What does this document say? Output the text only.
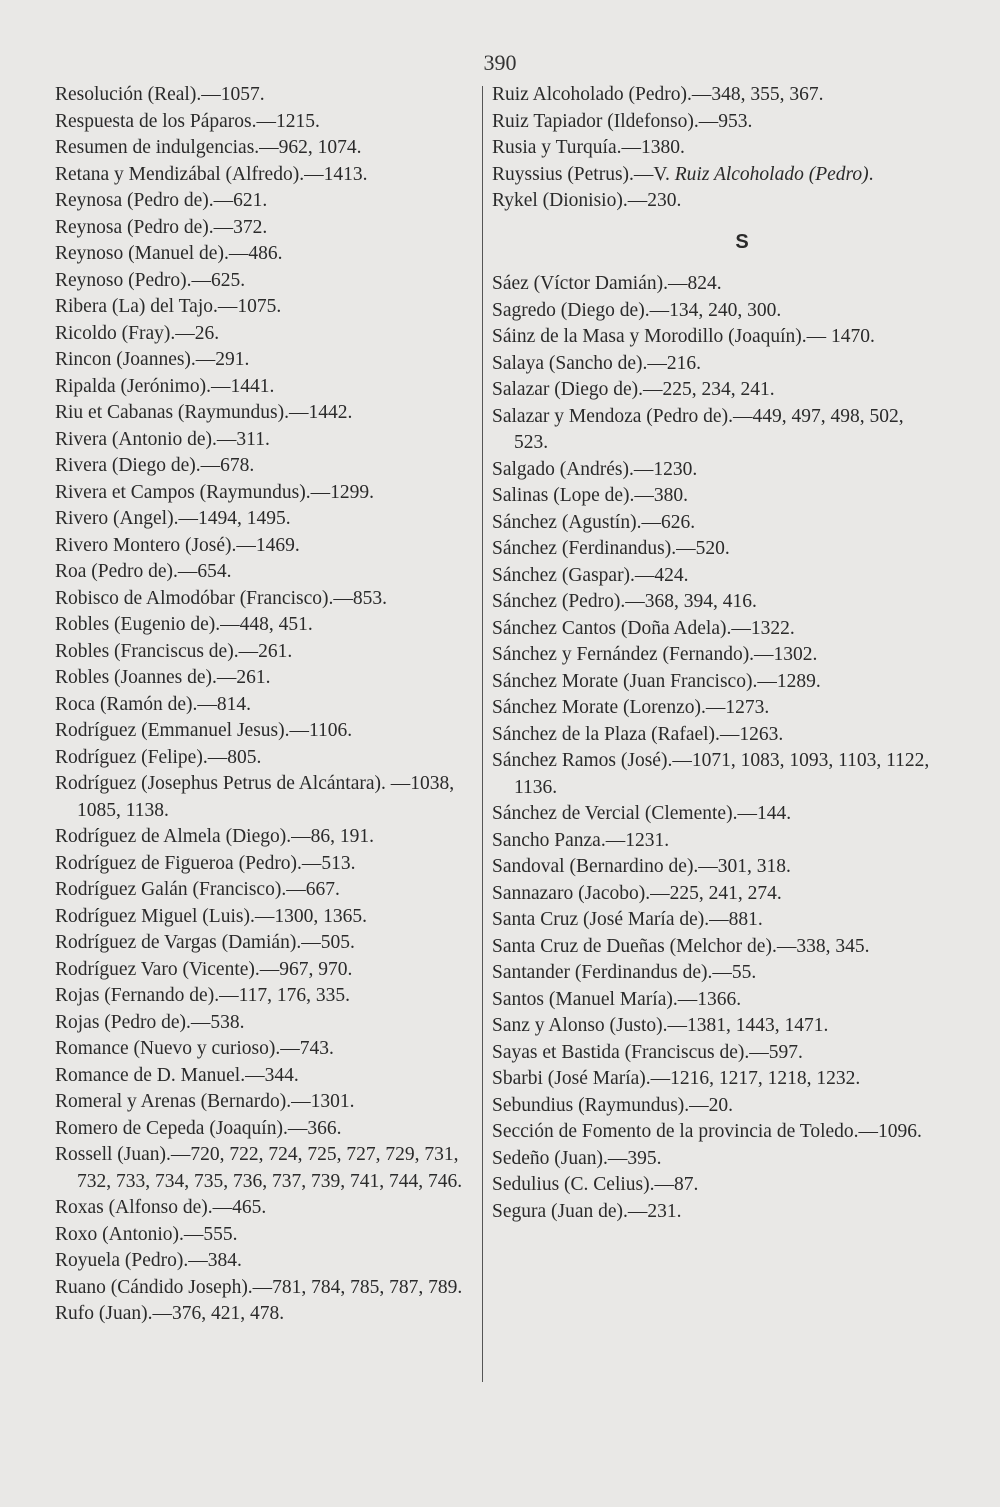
390

Resolución (Real).—1057.

Respuesta de los Páparos.—1215.

Resumen de indulgencias.—962, 1074.

Retana y Mendizábal (Alfredo).—1413.

Reynosa (Pedro de).—621.

Reynosa (Pedro de).—372.

Reynoso (Manuel de).—486.

Reynoso (Pedro).—625.

Ribera (La) del Tajo.—1075.

Ricoldo (Fray).—26.

Rincon (Joannes).—291.

Ripalda (Jerónimo).—1441.

Riu et Cabanas (Raymundus).—1442.

Rivera (Antonio de).—311.

Rivera (Diego de).—678.

Rivera et Campos (Raymundus).—1299.

Rivero (Angel).—1494, 1495.

Rivero Montero (José).—1469.

Roa (Pedro de).—654.

Robisco de Almodóbar (Francisco).—853.

Robles (Eugenio de).—448, 451.

Robles (Franciscus de).—261.

Robles (Joannes de).—261.

Roca (Ramón de).—814.

Rodríguez (Emmanuel Jesus).—1106.

Rodríguez (Felipe).—805.

Rodríguez (Josephus Petrus de Alcántara). —1038, 1085, 1138.

Rodríguez de Almela (Diego).—86, 191.

Rodríguez de Figueroa (Pedro).—513.

Rodríguez Galán (Francisco).—667.

Rodríguez Miguel (Luis).—1300, 1365.

Rodríguez de Vargas (Damián).—505.

Rodríguez Varo (Vicente).—967, 970.

Rojas (Fernando de).—117, 176, 335.

Rojas (Pedro de).—538.

Romance (Nuevo y curioso).—743.

Romance de D. Manuel.—344.

Romeral y Arenas (Bernardo).—1301.

Romero de Cepeda (Joaquín).—366.

Rossell (Juan).—720, 722, 724, 725, 727, 729, 731, 732, 733, 734, 735, 736, 737, 739, 741, 744, 746.

Roxas (Alfonso de).—465.

Roxo (Antonio).—555.

Royuela (Pedro).—384.

Ruano (Cándido Joseph).—781, 784, 785, 787, 789.

Rufo (Juan).—376, 421, 478.

Ruiz Alcoholado (Pedro).—348, 355, 367.

Ruiz Tapiador (Ildefonso).—953.

Rusia y Turquía.—1380.

Ruyssius (Petrus).—V. Ruiz Alcoholado (Pedro).

Rykel (Dionisio).—230.

S

Sáez (Víctor Damián).—824.

Sagredo (Diego de).—134, 240, 300.

Sáinz de la Masa y Morodillo (Joaquín).— 1470.

Salaya (Sancho de).—216.

Salazar (Diego de).—225, 234, 241.

Salazar y Mendoza (Pedro de).—449, 497, 498, 502, 523.

Salgado (Andrés).—1230.

Salinas (Lope de).—380.

Sánchez (Agustín).—626.

Sánchez (Ferdinandus).—520.

Sánchez (Gaspar).—424.

Sánchez (Pedro).—368, 394, 416.

Sánchez Cantos (Doña Adela).—1322.

Sánchez y Fernández (Fernando).—1302.

Sánchez Morate (Juan Francisco).—1289.

Sánchez Morate (Lorenzo).—1273.

Sánchez de la Plaza (Rafael).—1263.

Sánchez Ramos (José).—1071, 1083, 1093, 1103, 1122, 1136.

Sánchez de Vercial (Clemente).—144.

Sancho Panza.—1231.

Sandoval (Bernardino de).—301, 318.

Sannazaro (Jacobo).—225, 241, 274.

Santa Cruz (José María de).—881.

Santa Cruz de Dueñas (Melchor de).—338, 345.

Santander (Ferdinandus de).—55.

Santos (Manuel María).—1366.

Sanz y Alonso (Justo).—1381, 1443, 1471.

Sayas et Bastida (Franciscus de).—597.

Sbarbi (José María).—1216, 1217, 1218, 1232.

Sebundius (Raymundus).—20.

Sección de Fomento de la provincia de Toledo.—1096.

Sedeño (Juan).—395.

Sedulius (C. Celius).—87.

Segura (Juan de).—231.
